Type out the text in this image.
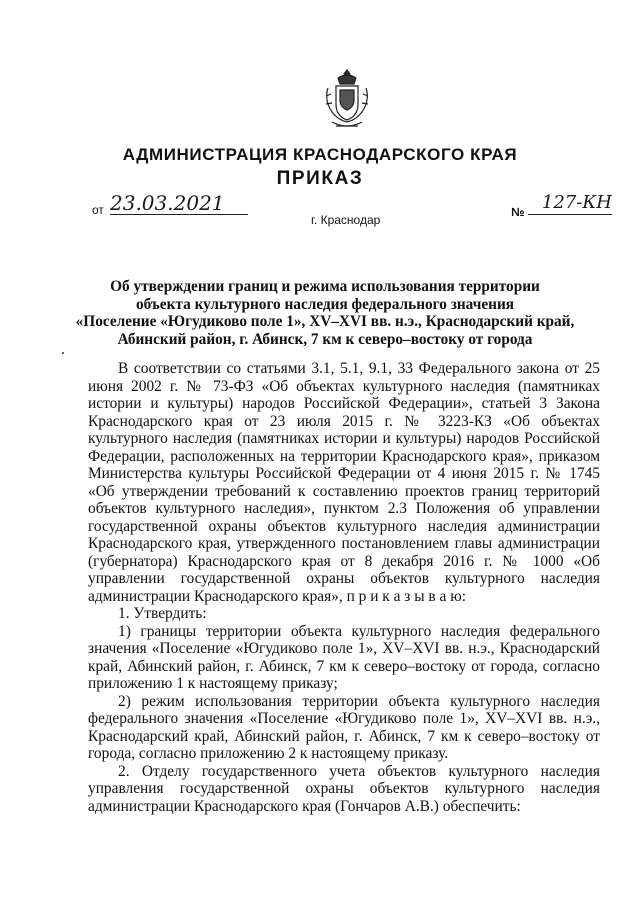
АДМИНИСТРАЦИЯ КРАСНОДАРСКОГО КРАЯ
ПРИКАЗ
от 23.03.2021
г. Краснодар
№ 127-КН
Об утверждении границ и режима использования территории
объекта культурного наследия федерального значения
«Поселение «Югудиково поле 1», XV–XVI вв. н.э., Краснодарский край,
Абинский район, г. Абинск, 7 км к северо–востоку от города

В соответствии со статьями 3.1, 5.1, 9.1, 33 Федерального закона от 25 июня 2002 г. № 73-ФЗ «Об объектах культурного наследия (памятниках истории и культуры) народов Российской Федерации», статьей 3 Закона Краснодарского края от 23 июля 2015 г. № 3223-КЗ «Об объектах культурного наследия (памятниках истории и культуры) народов Российской Федерации, расположенных на территории Краснодарского края», приказом Министерства культуры Российской Федерации от 4 июня 2015 г. № 1745 «Об утверждении требований к составлению проектов границ территорий объектов культурного наследия», пунктом 2.3 Положения об управлении государственной охраны объектов культурного наследия администрации Краснодарского края, утвержденного постановлением главы администрации (губернатора) Краснодарского края от 8 декабря 2016 г. № 1000 «Об управлении государственной охраны объектов культурного наследия администрации Краснодарского края», п р и к а з ы в а ю:

1. Утвердить:

1) границы территории объекта культурного наследия федерального значения «Поселение «Югудиково поле 1», XV–XVI вв. н.э., Краснодарский край, Абинский район, г. Абинск, 7 км к северо–востоку от города, согласно приложению 1 к настоящему приказу;

2) режим использования территории объекта культурного наследия федерального значения «Поселение «Югудиково поле 1», XV–XVI вв. н.э., Краснодарский край, Абинский район, г. Абинск, 7 км к северо–востоку от города, согласно приложению 2 к настоящему приказу.

2. Отделу государственного учета объектов культурного наследия управления государственной охраны объектов культурного наследия администрации Краснодарского края (Гончаров А.В.) обеспечить:
